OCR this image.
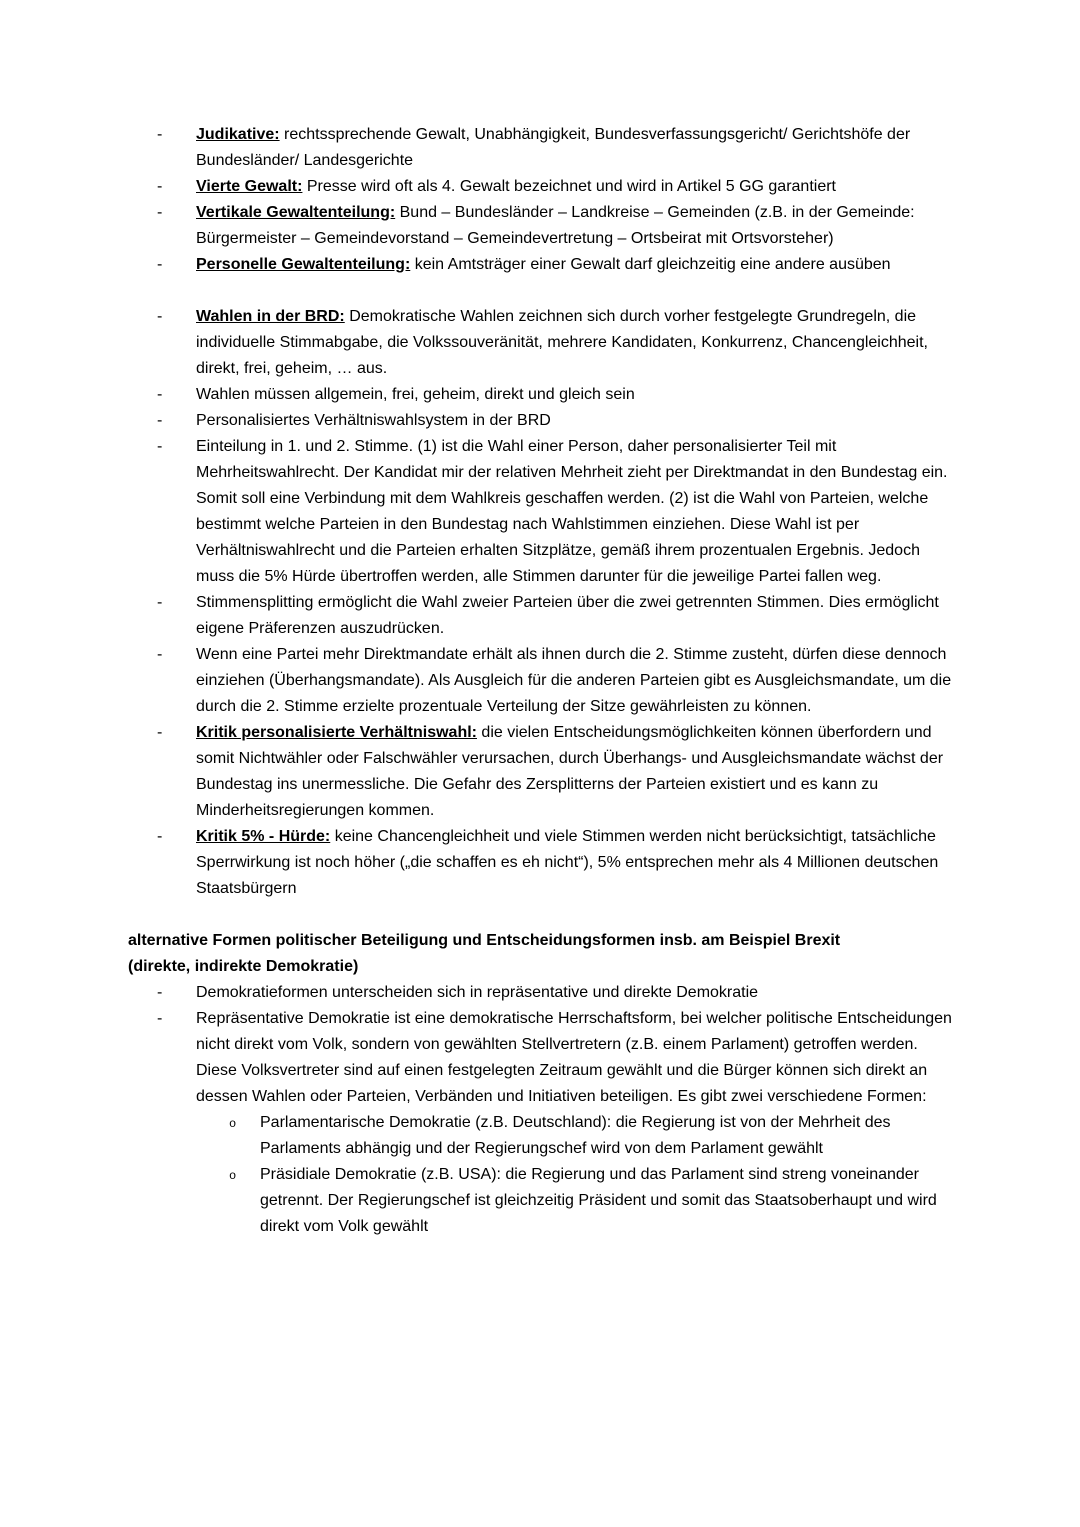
- Judikative: rechtssprechende Gewalt, Unabhängigkeit, Bundesverfassungsgericht/ Gerichtshöfe der Bundesländer/ Landesgerichte
- Vierte Gewalt: Presse wird oft als 4. Gewalt bezeichnet und wird in Artikel 5 GG garantiert
- Vertikale Gewaltenteilung: Bund – Bundesländer – Landkreise – Gemeinden (z.B. in der Gemeinde: Bürgermeister – Gemeindevorstand – Gemeindevertretung – Ortsbeirat mit Ortsvorsteher)
- Personelle Gewaltenteilung: kein Amtsträger einer Gewalt darf gleichzeitig eine andere ausüben
- Wahlen in der BRD: Demokratische Wahlen zeichnen sich durch vorher festgelegte Grundregeln, die individuelle Stimmabgabe, die Volkssouveränität, mehrere Kandidaten, Konkurrenz, Chancengleichheit, direkt, frei, geheim, … aus.
- Wahlen müssen allgemein, frei, geheim, direkt und gleich sein
- Personalisiertes Verhältniswahlsystem in der BRD
- Einteilung in 1. und 2. Stimme. (1) ist die Wahl einer Person, daher personalisierter Teil mit Mehrheitswahlrecht. Der Kandidat mir der relativen Mehrheit zieht per Direktmandat in den Bundestag ein. Somit soll eine Verbindung mit dem Wahlkreis geschaffen werden. (2) ist die Wahl von Parteien, welche bestimmt welche Parteien in den Bundestag nach Wahlstimmen einziehen. Diese Wahl ist per Verhältniswahlrecht und die Parteien erhalten Sitzplätze, gemäß ihrem prozentualen Ergebnis. Jedoch muss die 5% Hürde übertroffen werden, alle Stimmen darunter für die jeweilige Partei fallen weg.
- Stimmensplitting ermöglicht die Wahl zweier Parteien über die zwei getrennten Stimmen. Dies ermöglicht eigene Präferenzen auszudrücken.
- Wenn eine Partei mehr Direktmandate erhält als ihnen durch die 2. Stimme zusteht, dürfen diese dennoch einziehen (Überhangsmandate). Als Ausgleich für die anderen Parteien gibt es Ausgleichsmandate, um die durch die 2. Stimme erzielte prozentuale Verteilung der Sitze gewährleisten zu können.
- Kritik personalisierte Verhältniswahl: die vielen Entscheidungsmöglichkeiten können überfordern und somit Nichtwähler oder Falschwähler verursachen, durch Überhangs- und Ausgleichsmandate wächst der Bundestag ins unermessliche. Die Gefahr des Zersplitterns der Parteien existiert und es kann zu Minderheitsregierungen kommen.
- Kritik 5% - Hürde: keine Chancengleichheit und viele Stimmen werden nicht berücksichtigt, tatsächliche Sperrwirkung ist noch höher („die schaffen es eh nicht“), 5% entsprechen mehr als 4 Millionen deutschen Staatsbürgern
alternative Formen politischer Beteiligung und Entscheidungsformen insb. am Beispiel Brexit
(direkte, indirekte Demokratie)
- Demokratieformen unterscheiden sich in repräsentative und direkte Demokratie
- Repräsentative Demokratie ist eine demokratische Herrschaftsform, bei welcher politische Entscheidungen nicht direkt vom Volk, sondern von gewählten Stellvertretern (z.B. einem Parlament) getroffen werden. Diese Volksvertreter sind auf einen festgelegten Zeitraum gewählt und die Bürger können sich direkt an dessen Wahlen oder Parteien, Verbänden und Initiativen beteiligen. Es gibt zwei verschiedene Formen:
o Parlamentarische Demokratie (z.B. Deutschland): die Regierung ist von der Mehrheit des Parlaments abhängig und der Regierungschef wird von dem Parlament gewählt
o Präsidiale Demokratie (z.B. USA): die Regierung und das Parlament sind streng voneinander getrennt. Der Regierungschef ist gleichzeitig Präsident und somit das Staatsoberhaupt und wird direkt vom Volk gewählt
